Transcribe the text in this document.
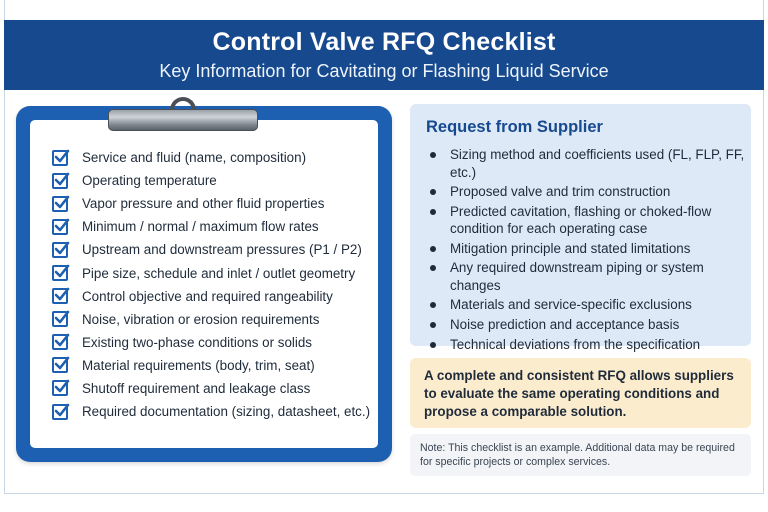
Control Valve RFQ Checklist
Key Information for Cavitating or Flashing Liquid Service
Service and fluid (name, composition)
Operating temperature
Vapor pressure and other fluid properties
Minimum / normal / maximum flow rates
Upstream and downstream pressures (P1 / P2)
Pipe size, schedule and inlet / outlet geometry
Control objective and required rangeability
Noise, vibration or erosion requirements
Existing two-phase conditions or solids
Material requirements (body, trim, seat)
Shutoff requirement and leakage class
Required documentation (sizing, datasheet, etc.)
Request from Supplier
Sizing method and coefficients used (FL, FLP, FF, etc.)
Proposed valve and trim construction
Predicted cavitation, flashing or choked-flow condition for each operating case
Mitigation principle and stated limitations
Any required downstream piping or system changes
Materials and service-specific exclusions
Noise prediction and acceptance basis
Technical deviations from the specification
A complete and consistent RFQ allows suppliers to evaluate the same operating conditions and propose a comparable solution.
Note: This checklist is an example. Additional data may be required for specific projects or complex services.
